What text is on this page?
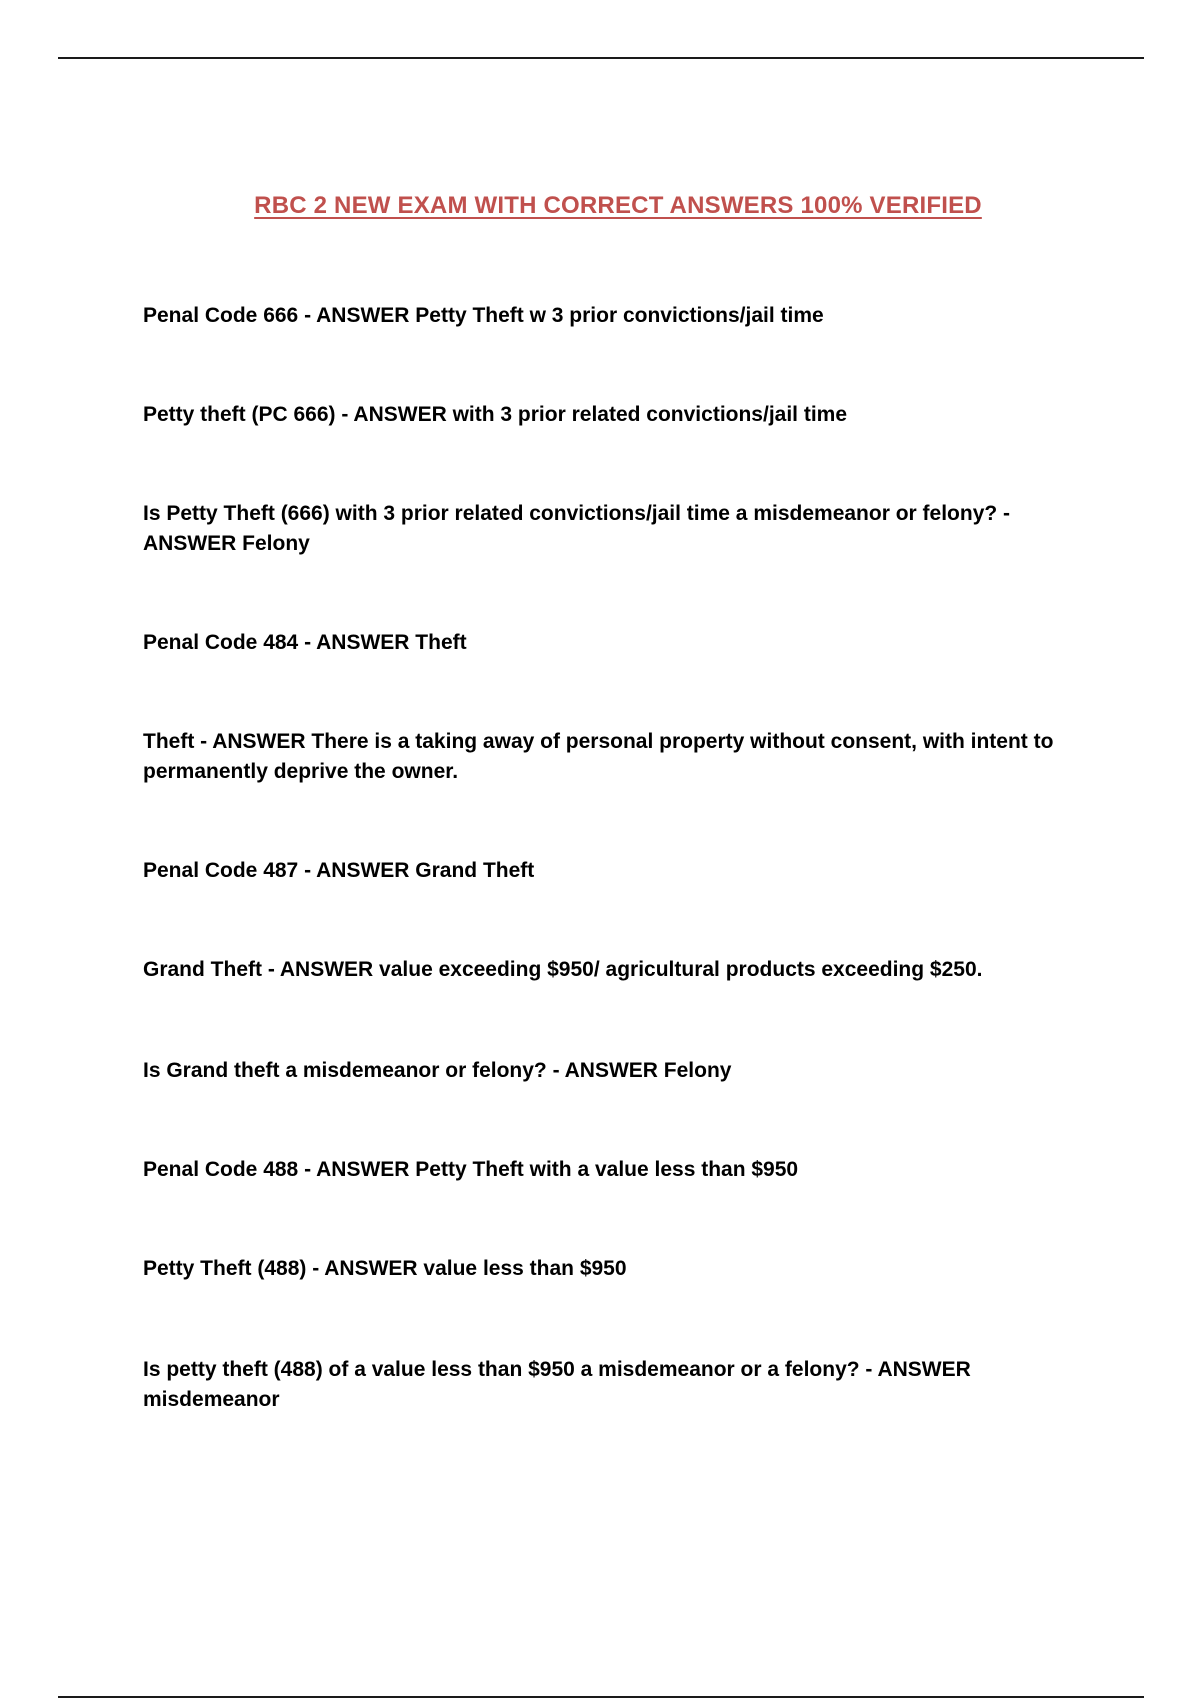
RBC 2 NEW EXAM WITH CORRECT ANSWERS 100% VERIFIED

Penal Code 666 - ANSWER Petty Theft w 3 prior convictions/jail time

Petty theft (PC 666) - ANSWER with 3 prior related convictions/jail time

Is Petty Theft (666) with 3 prior related convictions/jail time a misdemeanor or felony? - ANSWER Felony

Penal Code 484 - ANSWER Theft

Theft - ANSWER There is a taking away of personal property without consent, with intent to permanently deprive the owner.

Penal Code 487 - ANSWER Grand Theft

Grand Theft - ANSWER value exceeding $950/ agricultural products exceeding $250.

Is Grand theft a misdemeanor or felony? - ANSWER Felony

Penal Code 488 - ANSWER Petty Theft with a value less than $950

Petty Theft (488) - ANSWER value less than $950

Is petty theft (488) of a value less than $950 a misdemeanor or a felony? - ANSWER misdemeanor
